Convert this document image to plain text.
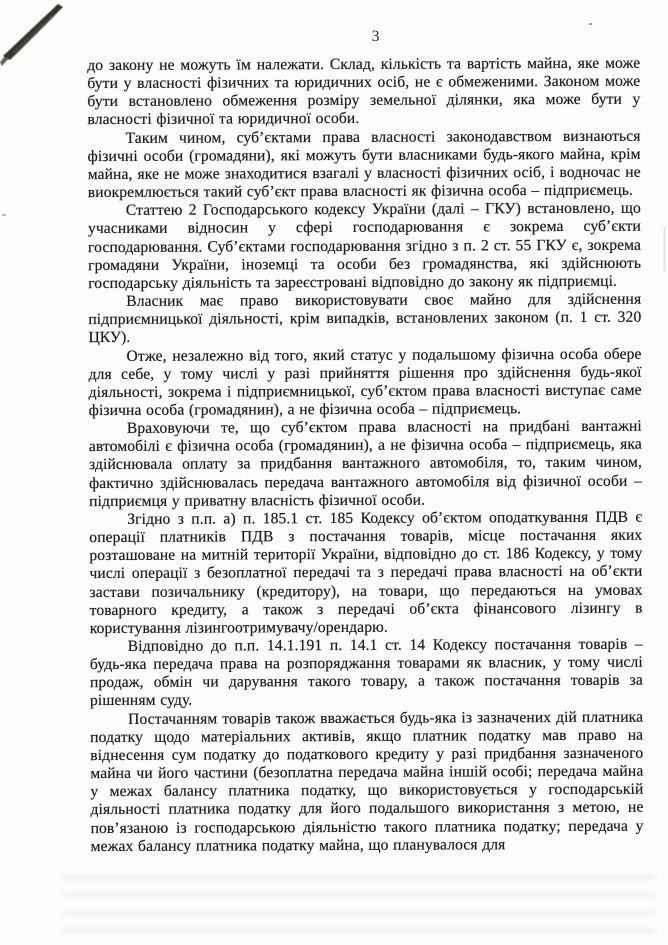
3

до закону не можуть їм належати. Склад, кількість та вартість майна, яке може бути у власності фізичних та юридичних осіб, не є обмеженими. Законом може бути встановлено обмеження розміру земельної ділянки, яка може бути у власності фізичної та юридичної особи.

Таким чином, суб’єктами права власності законодавством визнаються фізичні особи (громадяни), які можуть бути власниками будь-якого майна, крім майна, яке не може знаходитися взагалі у власності фізичних осіб, і водночас не виокремлюється такий суб’єкт права власності як фізична особа – підприємець.

Статтею 2 Господарського кодексу України (далі – ГКУ) встановлено, що учасниками відносин у сфері господарювання є зокрема суб’єкти господарювання. Суб’єктами господарювання згідно з п. 2 ст. 55 ГКУ є, зокрема громадяни України, іноземці та особи без громадянства, які здійснюють господарську діяльність та зареєстровані відповідно до закону як підприємці.

Власник має право використовувати своє майно для здійснення підприємницької діяльності, крім випадків, встановлених законом (п. 1 ст. 320 ЦКУ).

Отже, незалежно від того, який статус у подальшому фізична особа обере для себе, у тому числі у разі прийняття рішення про здійснення будь-якої діяльності, зокрема і підприємницької, суб’єктом права власності виступає саме фізична особа (громадянин), а не фізична особа – підприємець.

Враховуючи те, що суб’єктом права власності на придбані вантажні автомобілі є фізична особа (громадянин), а не фізична особа – підприємець, яка здійснювала оплату за придбання вантажного автомобіля, то, таким чином, фактично здійснювалась передача вантажного автомобіля від фізичної особи – підприємця у приватну власність фізичної особи.

Згідно з п.п. а) п. 185.1 ст. 185 Кодексу об’єктом оподаткування ПДВ є операції платників ПДВ з постачання товарів, місце постачання яких розташоване на митній території України, відповідно до ст. 186 Кодексу, у тому числі операції з безоплатної передачі та з передачі права власності на об’єкти застави позичальнику (кредитору), на товари, що передаються на умовах товарного кредиту, а також з передачі об’єкта фінансового лізингу в користування лізингоотримувачу/орендарю.

Відповідно до п.п. 14.1.191 п. 14.1 ст. 14 Кодексу постачання товарів – будь-яка передача права на розпоряджання товарами як власник, у тому числі продаж, обмін чи дарування такого товару, а також постачання товарів за рішенням суду.

Постачанням товарів також вважається будь-яка із зазначених дій платника податку щодо матеріальних активів, якщо платник податку мав право на віднесення сум податку до податкового кредиту у разі придбання зазначеного майна чи його частини (безоплатна передача майна іншій особі; передача майна у межах балансу платника податку, що використовується у господарській діяльності платника податку для його подальшого використання з метою, не пов’язаною із господарською діяльністю такого платника податку; передача у межах балансу платника податку майна, що планувалося для
